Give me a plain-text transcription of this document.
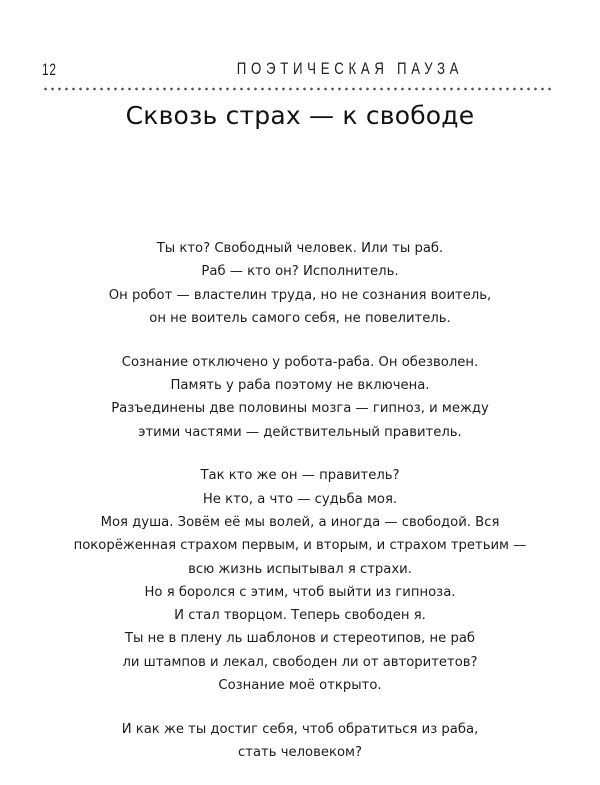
12	ПОЭТИЧЕСКАЯ ПАУЗА
Сквозь страх — к свободе
Ты кто? Свободный человек. Или ты раб.
Раб — кто он? Исполнитель.
Он робот — властелин труда, но не сознания воитель,
он не воитель самого себя, не повелитель.
Сознание отключено у робота-раба. Он обезволен.
Память у раба поэтому не включена.
Разъединены две половины мозга — гипноз, и между
этими частями — действительный правитель.
Так кто же он — правитель?
Не кто, а что — судьба моя.
Моя душа. Зовём её мы волей, а иногда — свободой. Вся
покорёженная страхом первым, и вторым, и страхом третьим —
всю жизнь испытывал я страхи.
Но я боролся с этим, чтоб выйти из гипноза.
И стал творцом. Теперь свободен я.
Ты не в плену ль шаблонов и стереотипов, не раб
ли штампов и лекал, свободен ли от авторитетов?
Сознание моё открыто.
И как же ты достиг себя, чтоб обратиться из раба,
стать человеком?
